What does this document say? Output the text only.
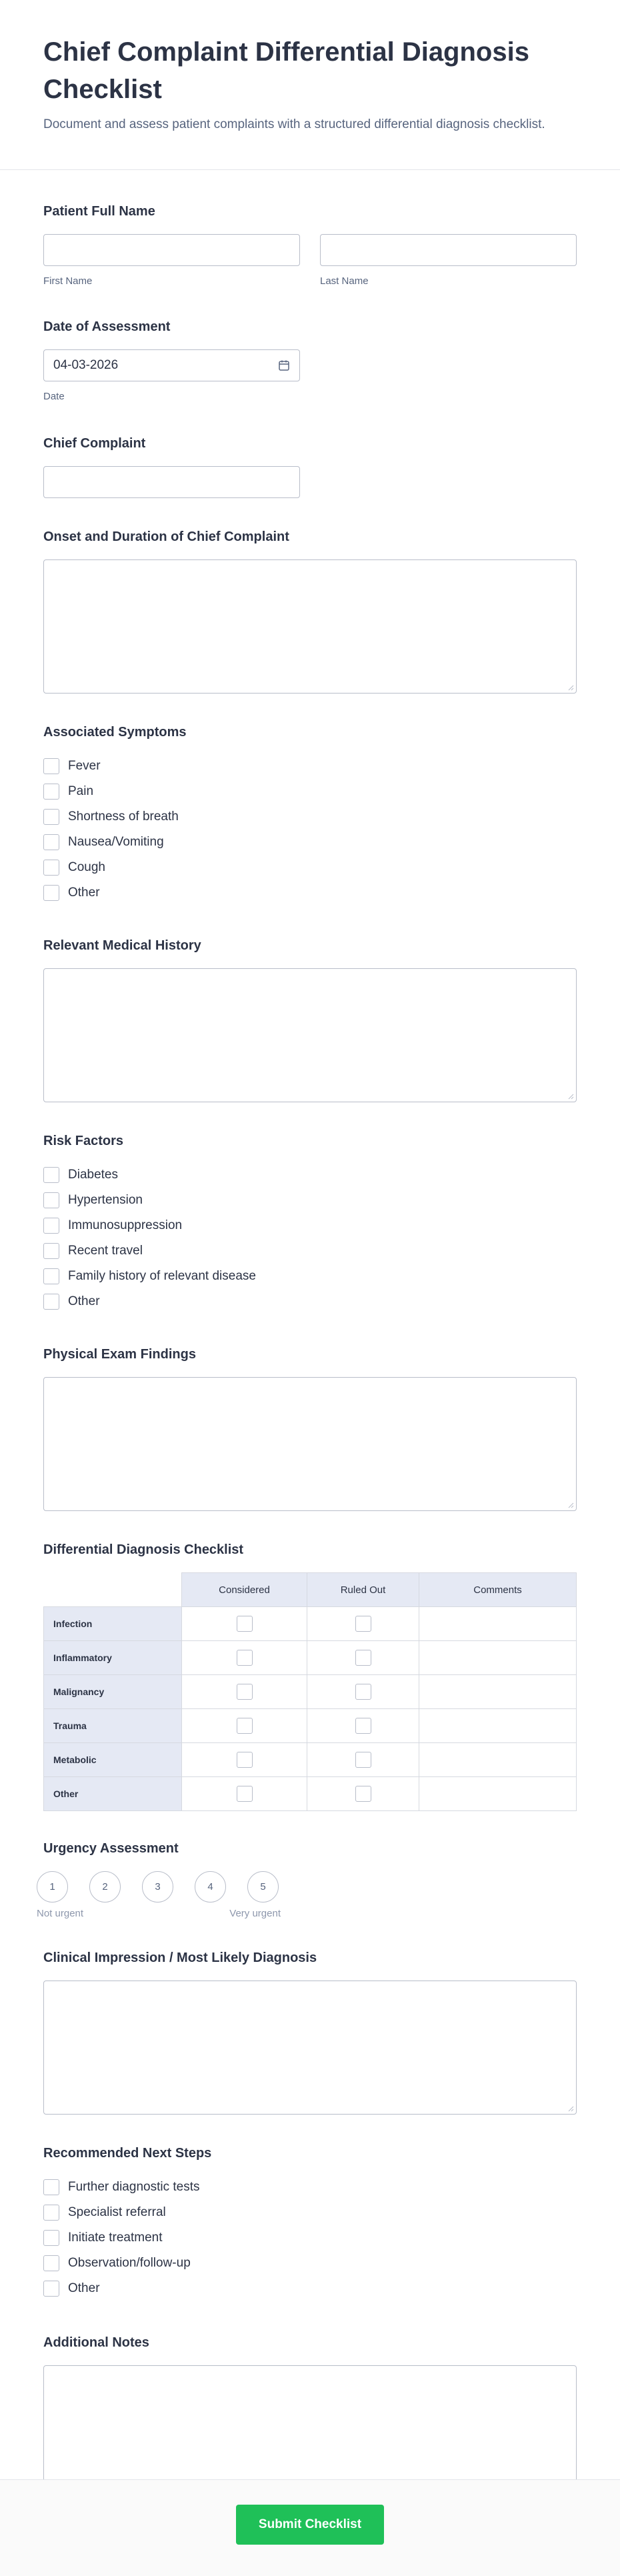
Chief Complaint Differential Diagnosis Checklist

Document and assess patient complaints with a structured differential diagnosis checklist.

Patient Full Name
First Name	Last Name
Date of Assessment
04-03-2026
Date
Chief Complaint
Onset and Duration of Chief Complaint
Associated Symptoms
Fever
Pain
Shortness of breath
Nausea/Vomiting
Cough
Other
Relevant Medical History
Risk Factors
Diabetes
Hypertension
Immunosuppression
Recent travel
Family history of relevant disease
Other
Physical Exam Findings
Differential Diagnosis Checklist
	Considered	Ruled Out	Comments
Infection			
Inflammatory			
Malignancy			
Trauma			
Metabolic			
Other			
Urgency Assessment
1	2	3	4	5
Not urgent	Very urgent
Clinical Impression / Most Likely Diagnosis
Recommended Next Steps
Further diagnostic tests
Specialist referral
Initiate treatment
Observation/follow-up
Other
Additional Notes
Submit Checklist
